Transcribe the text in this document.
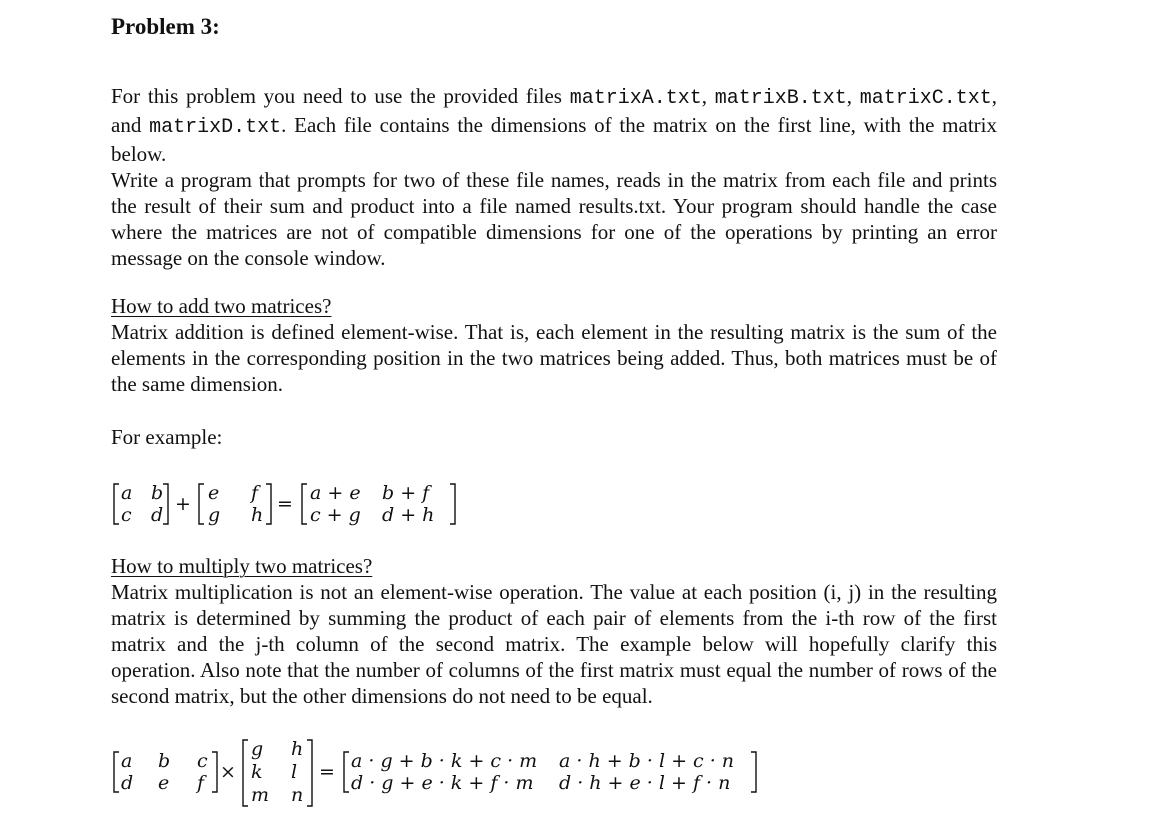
Problem 3:
For this problem you need to use the provided files matrixA.txt, matrixB.txt, matrixC.txt, and matrixD.txt. Each file contains the dimensions of the matrix on the first line, with the matrix below.
Write a program that prompts for two of these file names, reads in the matrix from each file and prints the result of their sum and product into a file named results.txt. Your program should handle the case where the matrices are not of compatible dimensions for one of the operations by printing an error message on the console window.
How to add two matrices?
Matrix addition is defined element-wise. That is, each element in the resulting matrix is the sum of the elements in the corresponding position in the two matrices being added. Thus, both matrices must be of the same dimension.
For example:
a b
c d + e f
g h = a + e b + f
c + g d + h
How to multiply two matrices?
Matrix multiplication is not an element-wise operation. The value at each position (i, j) in the resulting matrix is determined by summing the product of each pair of elements from the i-th row of the first matrix and the j-th column of the second matrix. The example below will hopefully clarify this operation. Also note that the number of columns of the first matrix must equal the number of rows of the second matrix, but the other dimensions do not need to be equal.
a b c
d e f ×
g h
k l
m n
= a · g + b · k + c · m a · h + b · l + c · n
d · g + e · k + f · m d · h + e · l + f · n
